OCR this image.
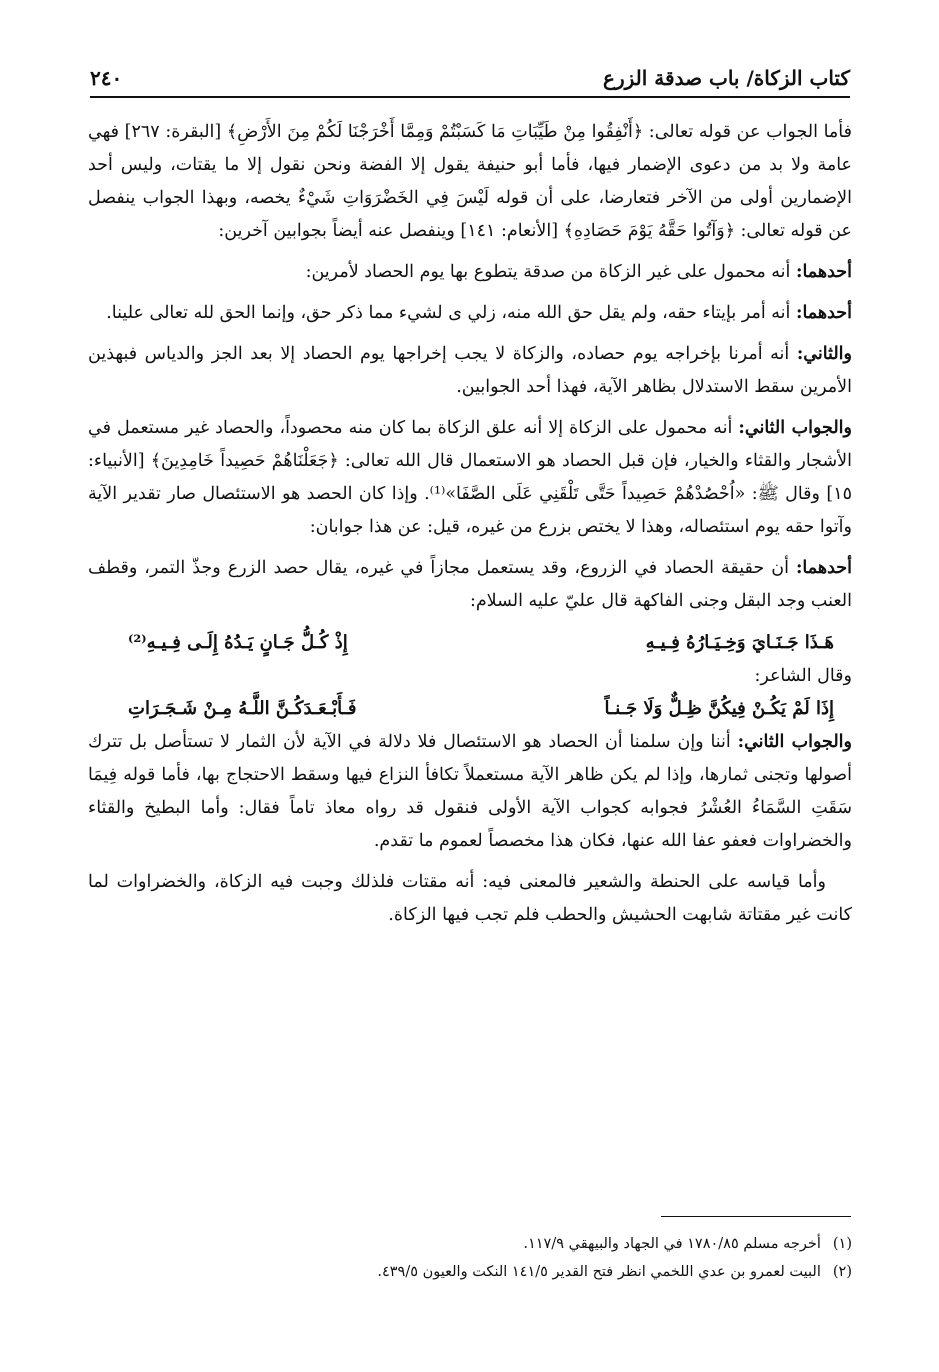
كتاب الزكاة/ باب صدقة الزرع
٢٤٠

فأما الجواب عن قوله تعالى: ﴿أَنْفِقُوا مِنْ طَيِّبَاتِ مَا كَسَبْتُمْ وَمِمَّا أَخْرَجْنَا لَكُمْ مِنَ الأَرْضِ﴾ [البقرة: ٢٦٧] فهي عامة ولا بد من دعوى الإضمار فيها، فأما أبو حنيفة يقول إلا الفضة ونحن نقول إلا ما يقتات، وليس أحد الإضمارين أولى من الآخر فتعارضا، على أن قوله لَيْسَ فِي الخَضْرَوَاتِ شَيْءٌ يخصه، وبهذا الجواب ينفصل عن قوله تعالى: ﴿وَآتُوا حَقَّهُ يَوْمَ حَصَادِهِ﴾ [الأنعام: ١٤١] وينفصل عنه أيضاً بجوابين آخرين:

أحدهما: أنه محمول على غير الزكاة من صدقة يتطوع بها يوم الحصاد لأمرين:

أحدهما: أنه أمر بإيتاء حقه، ولم يقل حق الله منه، زلي ى لشيء مما ذكر حق، وإنما الحق لله تعالى علينا.

والثاني: أنه أمرنا بإخراجه يوم حصاده، والزكاة لا يجب إخراجها يوم الحصاد إلا بعد الجز والدياس فبهذين الأمرين سقط الاستدلال بظاهر الآية، فهذا أحد الجوابين.

والجواب الثاني: أنه محمول على الزكاة إلا أنه علق الزكاة بما كان منه محصوداً، والحصاد غير مستعمل في الأشجار والقثاء والخيار، فإن قبل الحصاد هو الاستعمال قال الله تعالى: ﴿جَعَلْنَاهُمْ حَصِيداً خَامِدِينَ﴾ [الأنبياء: ١٥] وقال ﷺ: «اُحْصُدْهُمْ حَصِيداً حَتَّى تَلْقَنِي عَلَى الصَّفَا»⁽¹⁾. وإذا كان الحصد هو الاستئصال صار تقدير الآية وآتوا حقه يوم استئصاله، وهذا لا يختص بزرع من غيره، قيل: عن هذا جوابان:

أحدهما: أن حقيقة الحصاد في الزروع، وقد يستعمل مجازاً في غيره، يقال حصد الزرع وجذّ التمر، وقطف العنب وجد البقل وجنى الفاكهة قال عليّ عليه السلام:

هَـذَا جَـنَـايَ وَخِـيَـارُهُ فِـيـهِ
إِذْ كُـلُّ جَـانٍ يَـدُهُ إِلَـى فِـيـهِ⁽²⁾
وقال الشاعر:
إِذَا لَمْ يَكُـنْ فِيكُنَّ ظِـلٌّ وَلَا جَـنـاً
فَـأَبْـعَـدَكُـنَّ اللَّـهُ مِـنْ شَـجَـرَاتِ

والجواب الثاني: أننا وإن سلمنا أن الحصاد هو الاستئصال فلا دلالة في الآية لأن الثمار لا تستأصل بل تترك أصولها وتجنى ثمارها، وإذا لم يكن ظاهر الآية مستعملاً تكافأ النزاع فيها وسقط الاحتجاج بها، فأما قوله فِيمَا سَقَتِ السَّمَاءُ العُشْرُ فجوابه كجواب الآية الأولى فنقول قد رواه معاذ تاماً فقال: وأما البطيخ والقثاء والخضراوات فعفو عفا الله عنها، فكان هذا مخصصاً لعموم ما تقدم.

وأما قياسه على الحنطة والشعير فالمعنى فيه: أنه مقتات فلذلك وجبت فيه الزكاة، والخضراوات لما كانت غير مقتاتة شابهت الحشيش والحطب فلم تجب فيها الزكاة.

(١)
أخرجه مسلم ١٧٨٠/٨٥ في الجهاد والبيهقي ١١٧/٩.
(٢)
البيت لعمرو بن عدي اللخمي انظر فتح القدير ١٤١/٥ النكت والعيون ٤٣٩/٥.
